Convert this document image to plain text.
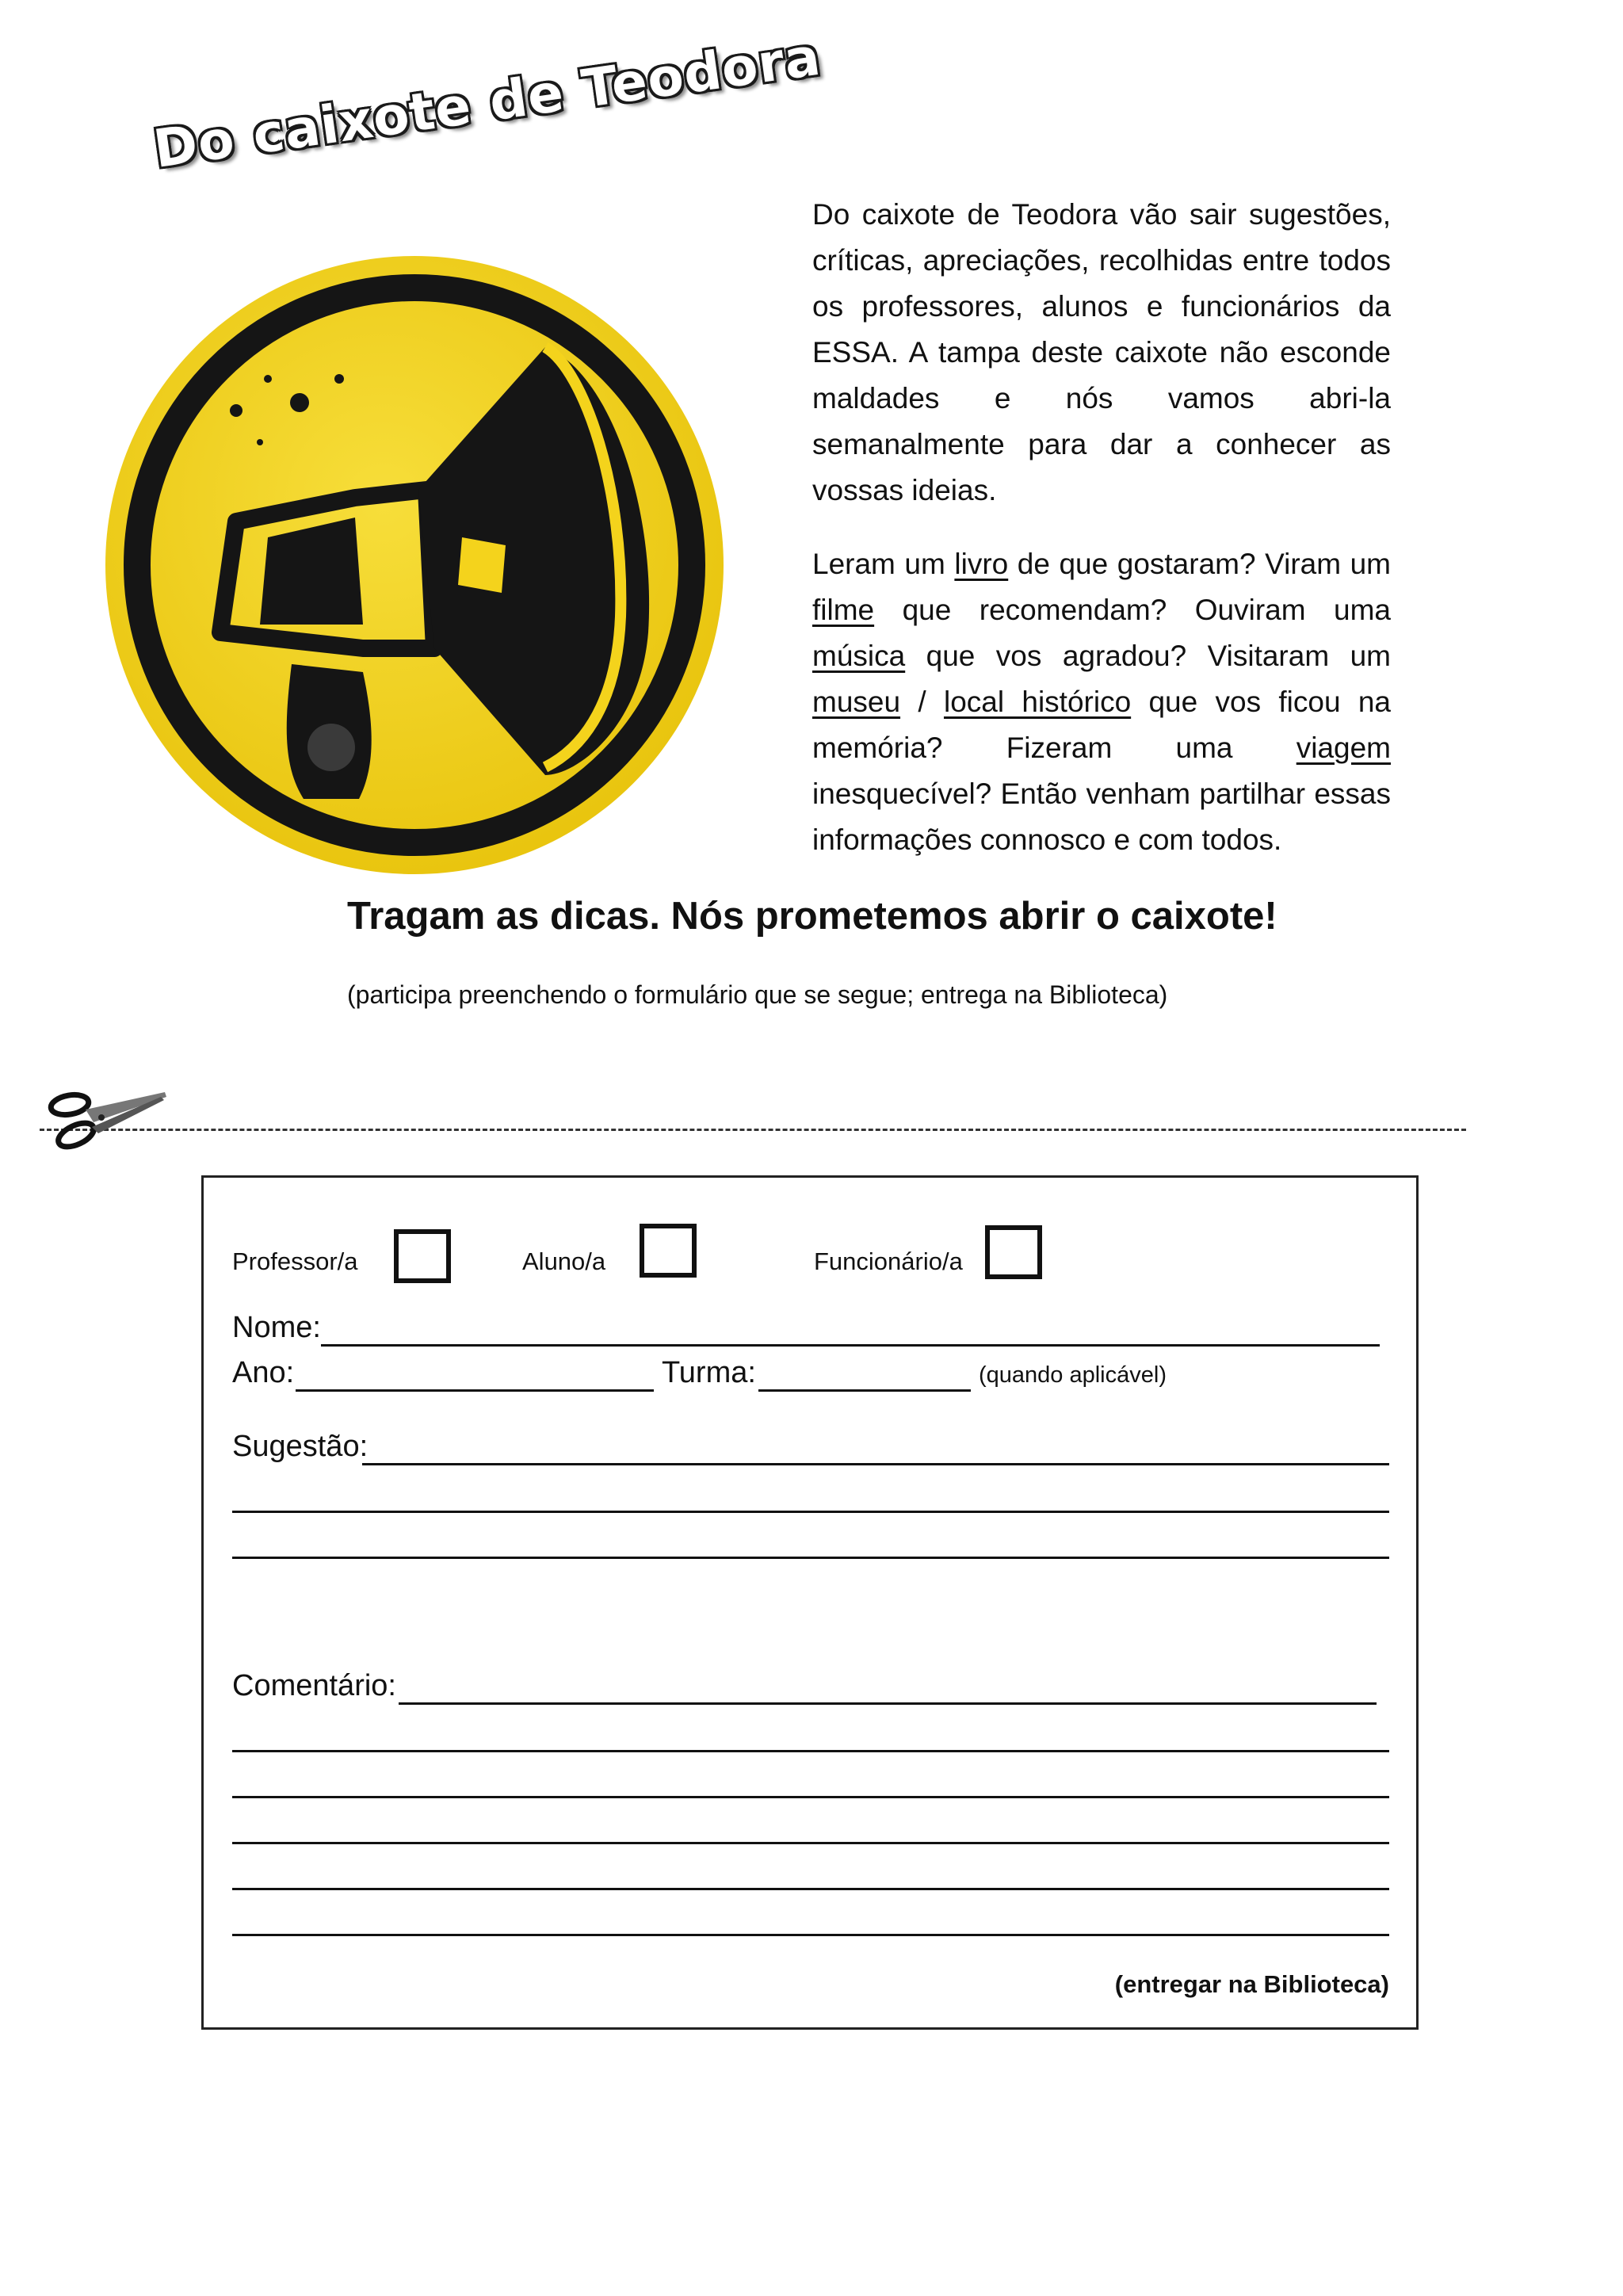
Do caixote de Teodora
Do caixote de Teodora vão sair sugestões, críticas, apreciações, recolhidas entre todos os professores, alunos e funcionários da ESSA. A tampa deste caixote não esconde maldades e nós vamos abri-la semanalmente para dar a conhecer as vossas ideias.
Leram um livro de que gostaram? Viram um filme que recomendam? Ouviram uma música que vos agradou? Visitaram um museu / local histórico que vos ficou na memória? Fizeram uma viagem inesquecível? Então venham partilhar essas informações connosco e com todos.
Tragam as dicas. Nós prometemos abrir o caixote!
(participa preenchendo o formulário que se segue; entrega na Biblioteca)
Professor/a	Aluno/a	Funcionário/a
Nome:
Ano:	Turma:	(quando aplicável)
Sugestão:
Comentário:
(entregar na Biblioteca)
